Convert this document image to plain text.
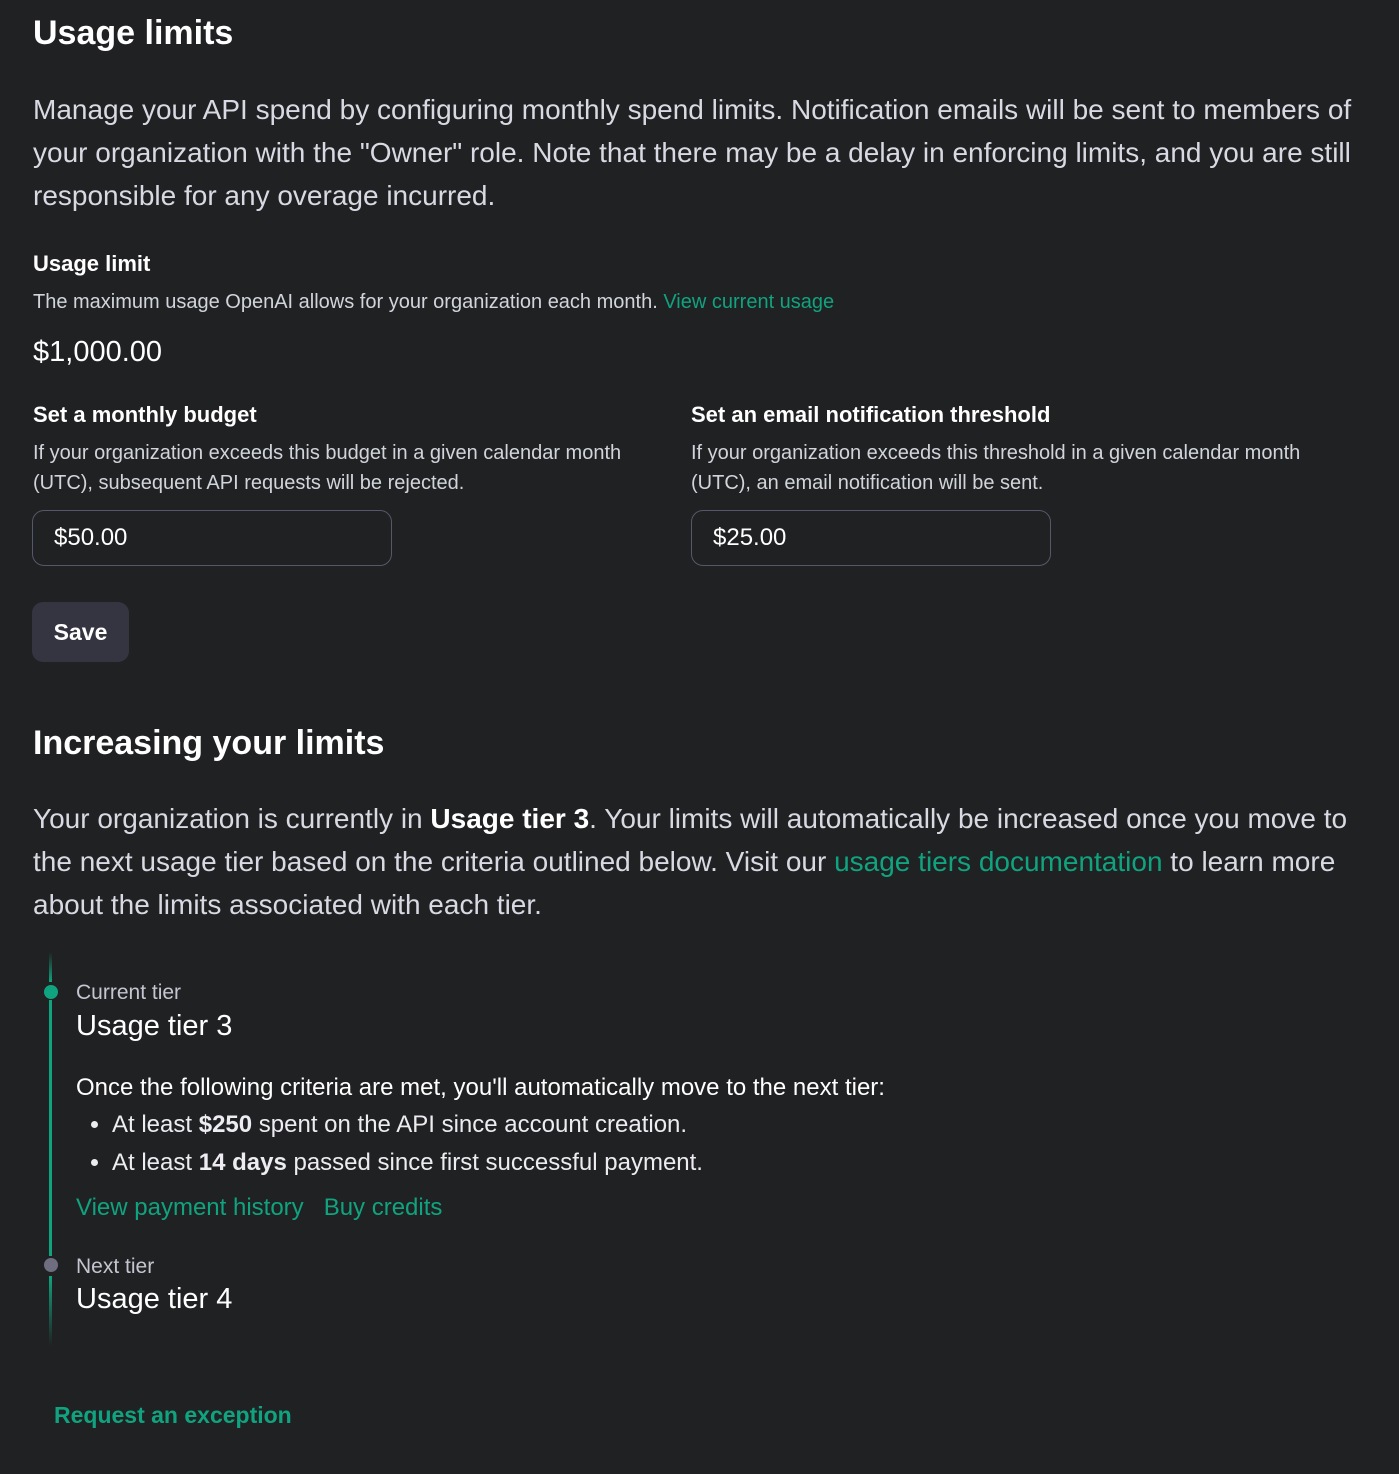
Usage limits

Manage your API spend by configuring monthly spend limits. Notification emails will be sent to members of your organization with the "Owner" role. Note that there may be a delay in enforcing limits, and you are still responsible for any overage incurred.

Usage limit
The maximum usage OpenAI allows for your organization each month. View current usage
$1,000.00
Set a monthly budget

If your organization exceeds this budget in a given calendar month (UTC), subsequent API requests will be rejected.

$50.00
Set an email notification threshold

If your organization exceeds this threshold in a given calendar month (UTC), an email notification will be sent.

$25.00
Save
Increasing your limits

Your organization is currently in Usage tier 3. Your limits will automatically be increased once you move to the next usage tier based on the criteria outlined below. Visit our usage tiers documentation to learn more about the limits associated with each tier.

Current tier
Usage tier 3
Once the following criteria are met, you'll automatically move to the next tier:
• At least $250 spent on the API since account creation.
• At least 14 days passed since first successful payment.
View payment history Buy credits
Next tier
Usage tier 4
Request an exception
